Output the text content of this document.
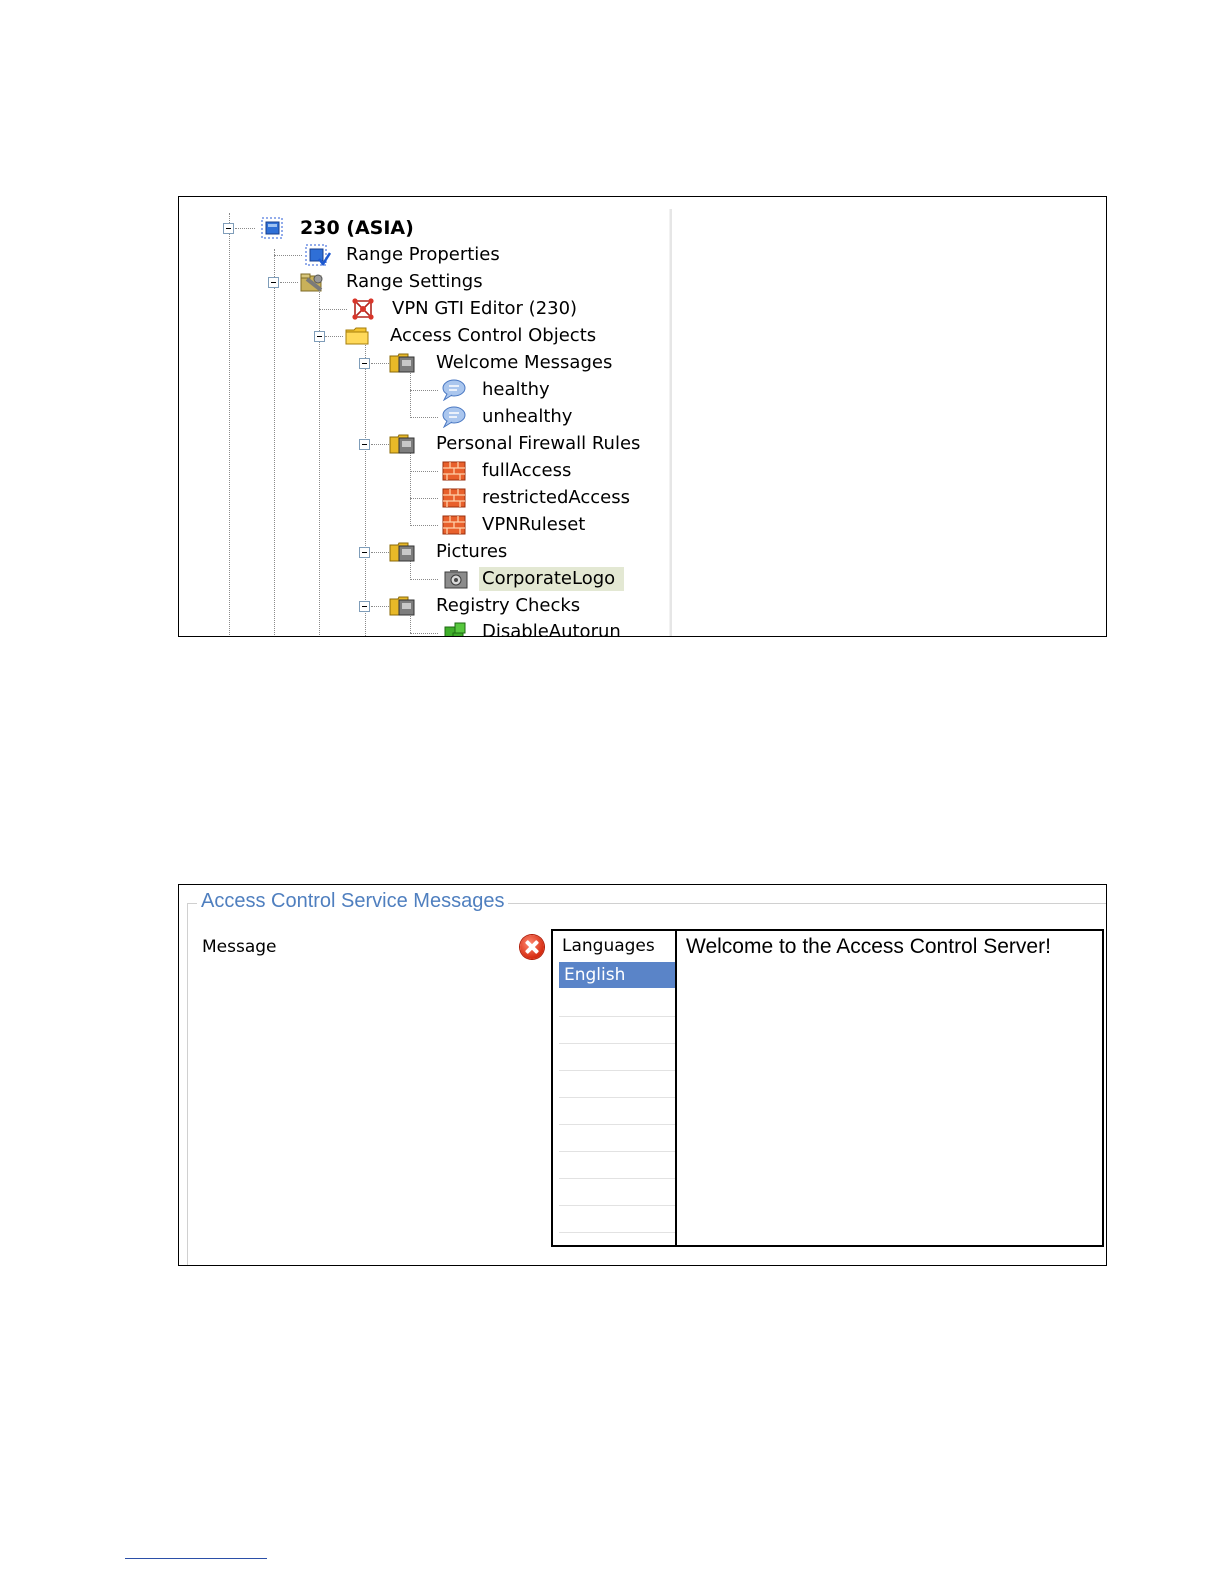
230 (ASIA)
Range Properties
Range Settings
VPN GTI Editor (230)
Access Control Objects
Welcome Messages
healthy
unhealthy
Personal Firewall Rules
fullAccess
restrictedAccess
VPNRuleset
Pictures
CorporateLogo
Registry Checks
DisableAutorun
Access Control Service Messages
Message	Languages
English
Welcome to the Access Control Server!
